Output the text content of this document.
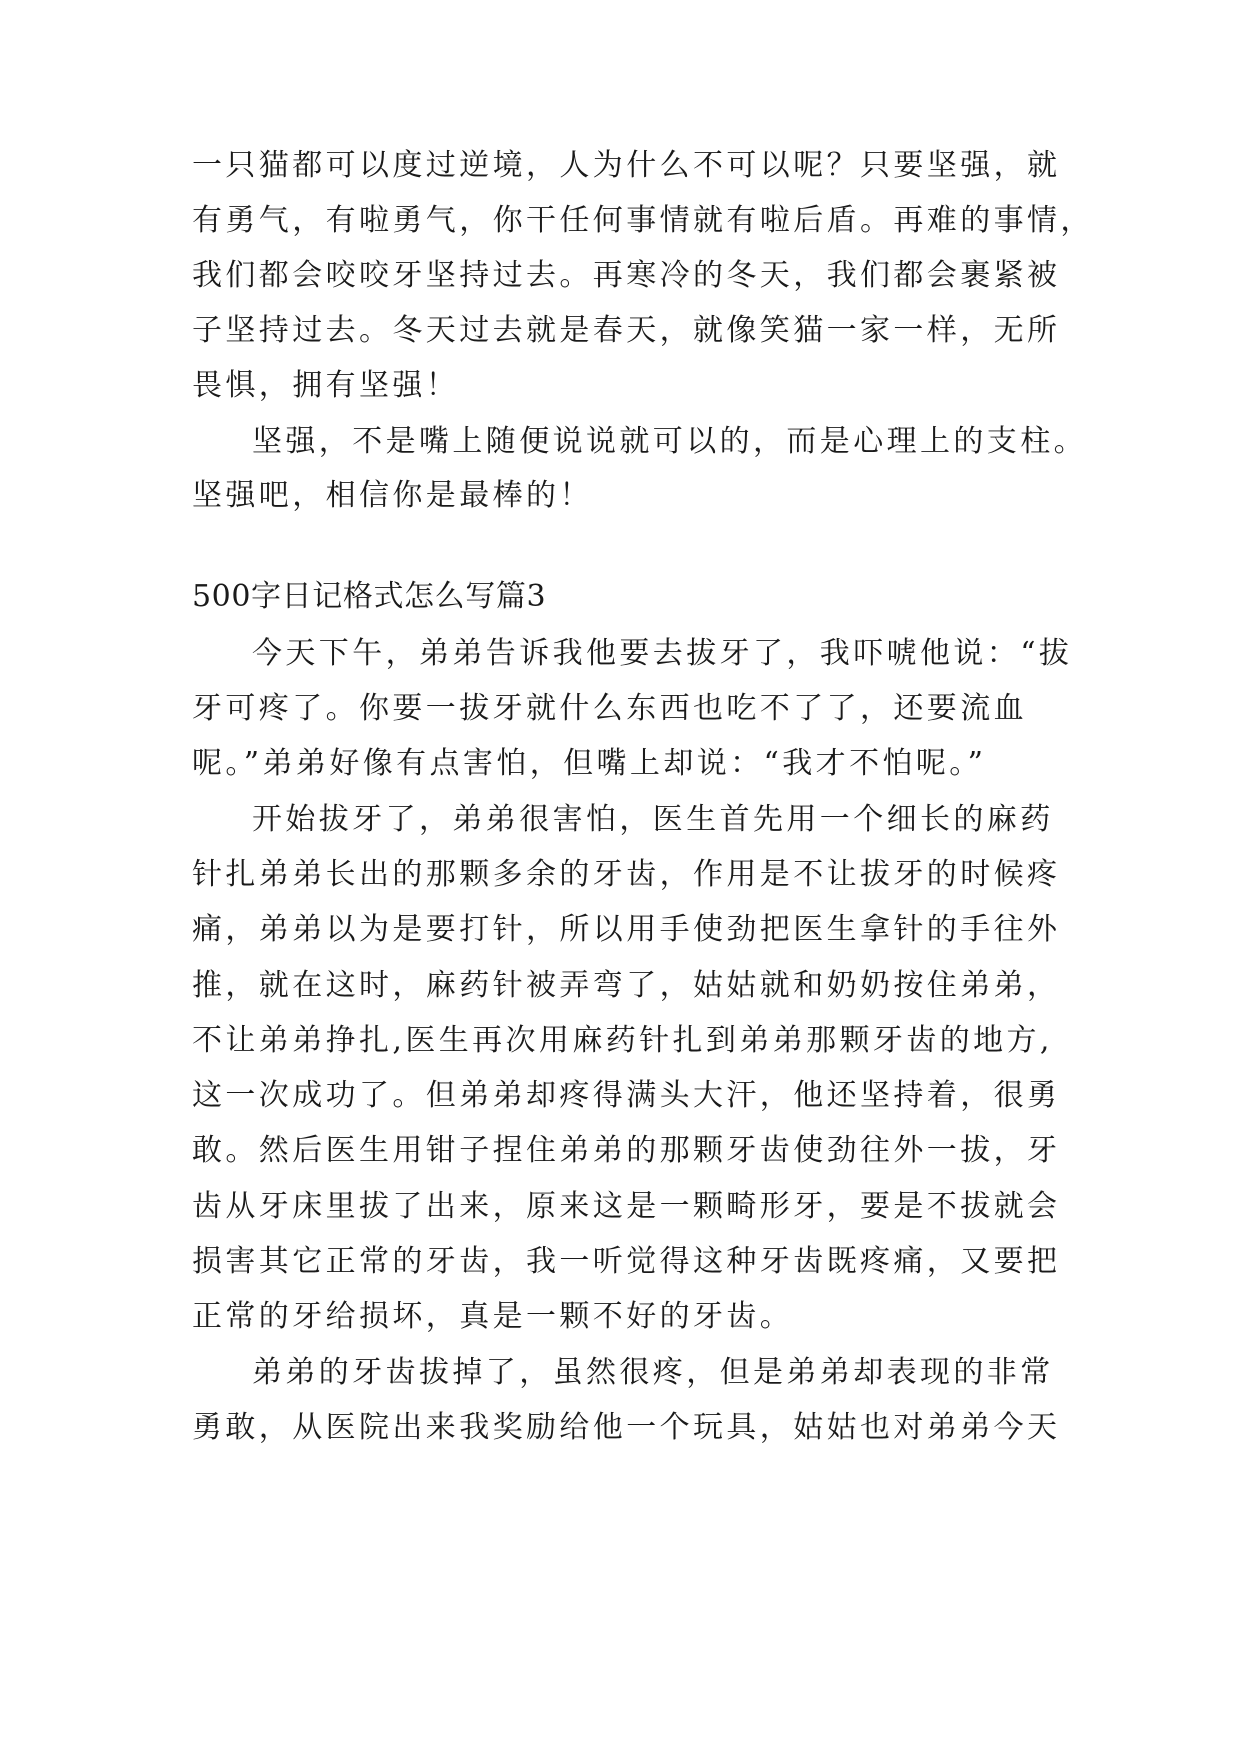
一只猫都可以度过逆境，人为什么不可以呢？只要坚强，就
有勇气，有啦勇气，你干任何事情就有啦后盾。再难的事情，
我们都会咬咬牙坚持过去。再寒冷的冬天，我们都会裹紧被
子坚持过去。冬天过去就是春天，就像笑猫一家一样，无所
畏惧，拥有坚强！
坚强，不是嘴上随便说说就可以的，而是心理上的支柱。
坚强吧，相信你是最棒的！
500字日记格式怎么写篇3
今天下午，弟弟告诉我他要去拔牙了，我吓唬他说：“拔
牙可疼了。你要一拔牙就什么东西也吃不了了，还要流血
呢。”弟弟好像有点害怕，但嘴上却说：“我才不怕呢。”
开始拔牙了，弟弟很害怕，医生首先用一个细长的麻药
针扎弟弟长出的那颗多余的牙齿，作用是不让拔牙的时候疼
痛，弟弟以为是要打针，所以用手使劲把医生拿针的手往外
推，就在这时，麻药针被弄弯了，姑姑就和奶奶按住弟弟，
不让弟弟挣扎,医生再次用麻药针扎到弟弟那颗牙齿的地方,
这一次成功了。但弟弟却疼得满头大汗，他还坚持着，很勇
敢。然后医生用钳子捏住弟弟的那颗牙齿使劲往外一拔，牙
齿从牙床里拔了出来，原来这是一颗畸形牙，要是不拔就会
损害其它正常的牙齿，我一听觉得这种牙齿既疼痛，又要把
正常的牙给损坏，真是一颗不好的牙齿。
弟弟的牙齿拔掉了，虽然很疼，但是弟弟却表现的非常
勇敢，从医院出来我奖励给他一个玩具，姑姑也对弟弟今天
